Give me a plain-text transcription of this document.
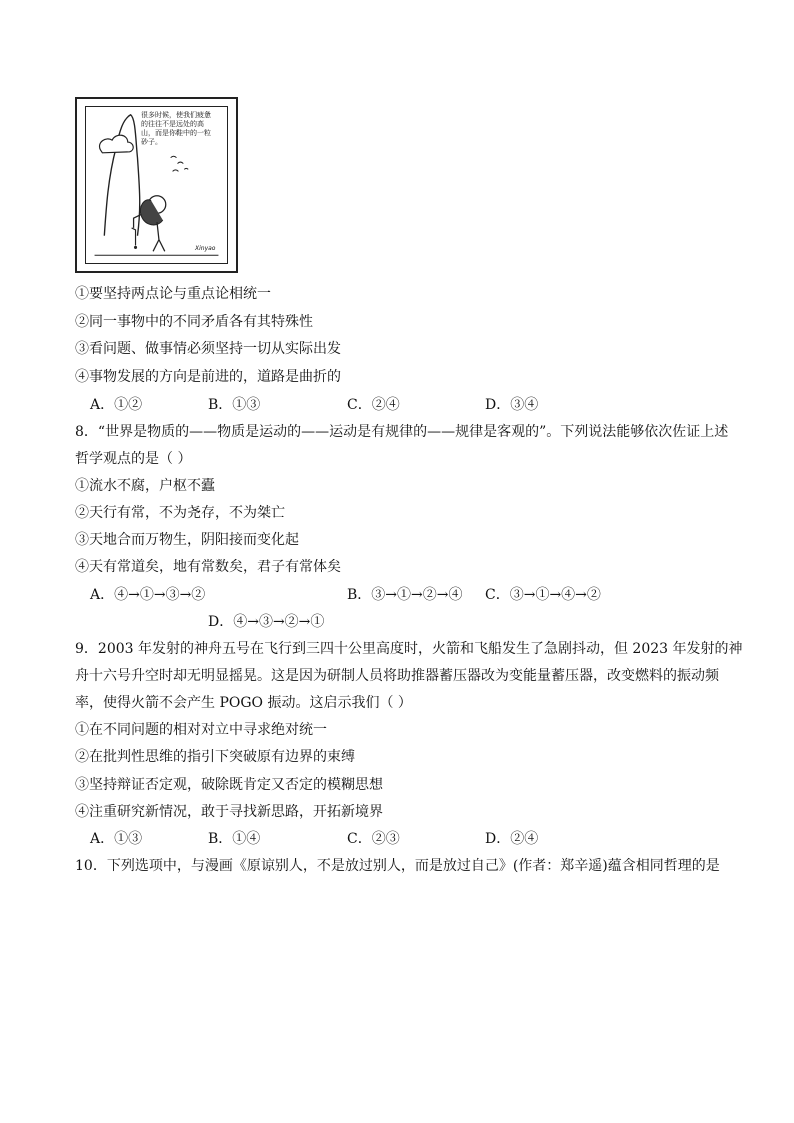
很多时候，使我们疲惫的往往不是远处的高山，而是你鞋中的一粒砂子。
Xinyao
①要坚持两点论与重点论相统一
②同一事物中的不同矛盾各有其特殊性
③看问题、做事情必须坚持一切从实际出发
④事物发展的方向是前进的，道路是曲折的
A．①②	B．①③	C．②④	D．③④
8．“世界是物质的——物质是运动的——运动是有规律的——规律是客观的”。下列说法能够依次佐证上述
哲学观点的是（ ）
①流水不腐，户枢不蠹
②天行有常，不为尧存，不为桀亡
③天地合而万物生，阴阳接而变化起
④天有常道矣，地有常数矣，君子有常体矣
A．④→①→③→②	B．③→①→②→④ C．③→①→④→②
D．④→③→②→①
9．2003 年发射的神舟五号在飞行到三四十公里高度时，火箭和飞船发生了急剧抖动，但 2023 年发射的神
舟十六号升空时却无明显摇晃。这是因为研制人员将助推器蓄压器改为变能量蓄压器，改变燃料的振动频
率，使得火箭不会产生 POGO 振动。这启示我们（ ）
①在不同问题的相对对立中寻求绝对统一
②在批判性思维的指引下突破原有边界的束缚
③坚持辩证否定观，破除既肯定又否定的模糊思想
④注重研究新情况，敢于寻找新思路，开拓新境界
A．①③	B．①④	C．②③	D．②④
10．下列选项中，与漫画《原谅别人，不是放过别人，而是放过自己》(作者：郑辛遥)蕴含相同哲理的是
